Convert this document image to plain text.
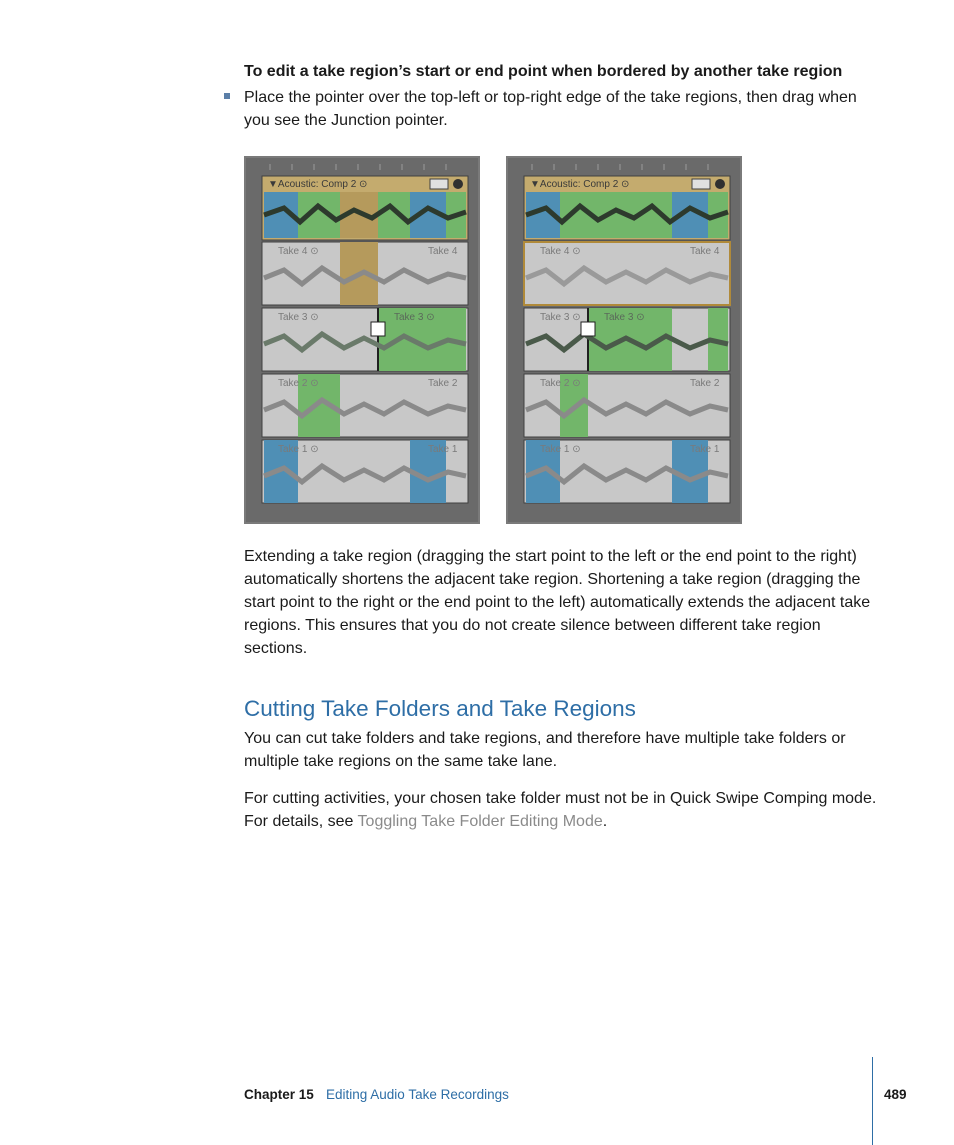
To edit a take region’s start or end point when bordered by another take region
Place the pointer over the top-left or top-right edge of the take regions, then drag when you see the Junction pointer.
▼Acoustic: Comp 2 ⊙
Take 4 ⊙	Take 4
Take 3 ⊙	Take 3 ⊙
Take 2 ⊙	Take 2
Take 1 ⊙	Take 1
▼Acoustic: Comp 2 ⊙
Take 4 ⊙	Take 4
Take 3 ⊙ Take 3 ⊙
Take 2 ⊙	Take 2
Take 1 ⊙	Take 1
Extending a take region (dragging the start point to the left or the end point to the right) automatically shortens the adjacent take region. Shortening a take region (dragging the start point to the right or the end point to the left) automatically extends the adjacent take regions. This ensures that you do not create silence between different take region sections.
Cutting Take Folders and Take Regions
You can cut take folders and take regions, and therefore have multiple take folders or multiple take regions on the same take lane.
For cutting activities, your chosen take folder must not be in Quick Swipe Comping mode. For details, see Toggling Take Folder Editing Mode.
Chapter 15 Editing Audio Take Recordings	489
